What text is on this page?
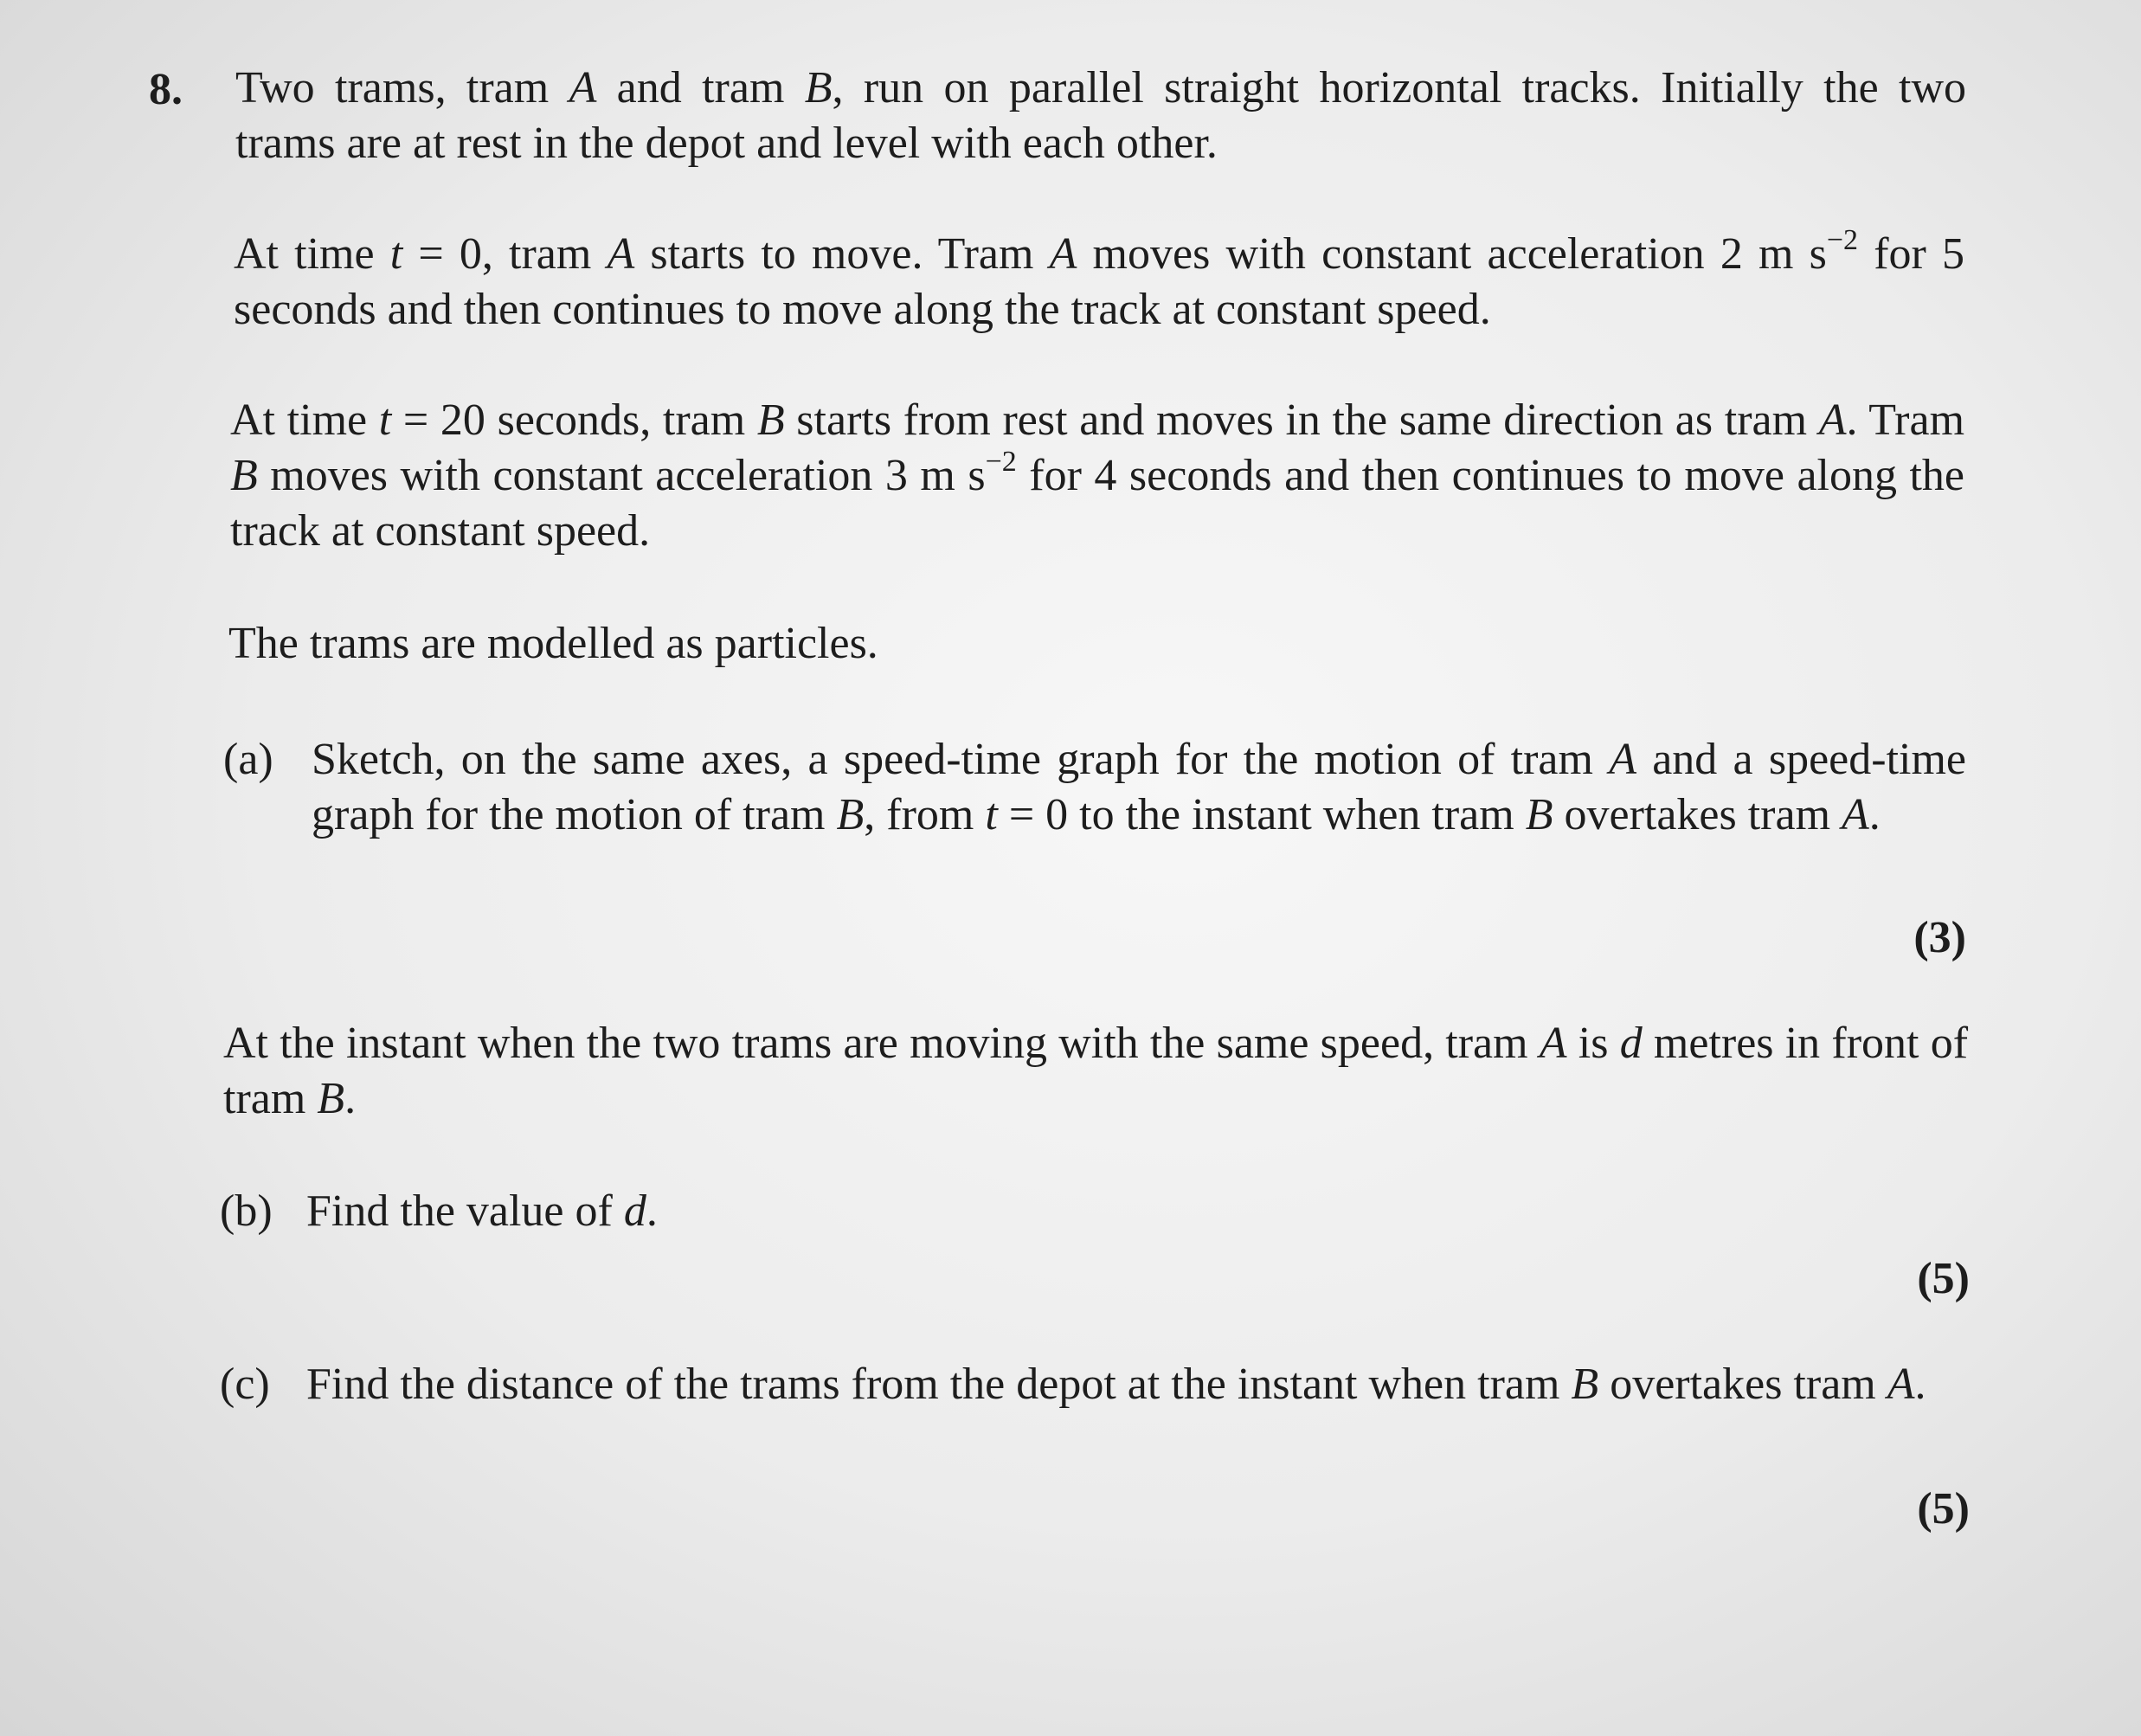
8. Two trams, tram A and tram B, run on parallel straight horizontal tracks. Initially the two
trams are at rest in the depot and level with each other.

At time t = 0, tram A starts to move. Tram A moves with constant acceleration 2 m $s^{-2}$ for 5 seconds and then continues to move along the track at constant speed.

At time t = 20 seconds, tram B starts from rest and moves in the same direction as tram A. Tram B moves with constant acceleration 3 m $s^{-2}$ for 4 seconds and then continues to move along the track at constant speed.

The trams are modelled as particles.

(a) Sketch, on the same axes, a speed-time graph for the motion of tram A and a speed-time graph for the motion of tram B, from t = 0 to the instant when tram B overtakes tram A.

(3)

At the instant when the two trams are moving with the same speed, tram A is d metres in front of tram B.

(b) Find the value of d.

(5)
(c) Find the distance of the trams from the depot at the instant when tram B overtakes tram A.

(5)
